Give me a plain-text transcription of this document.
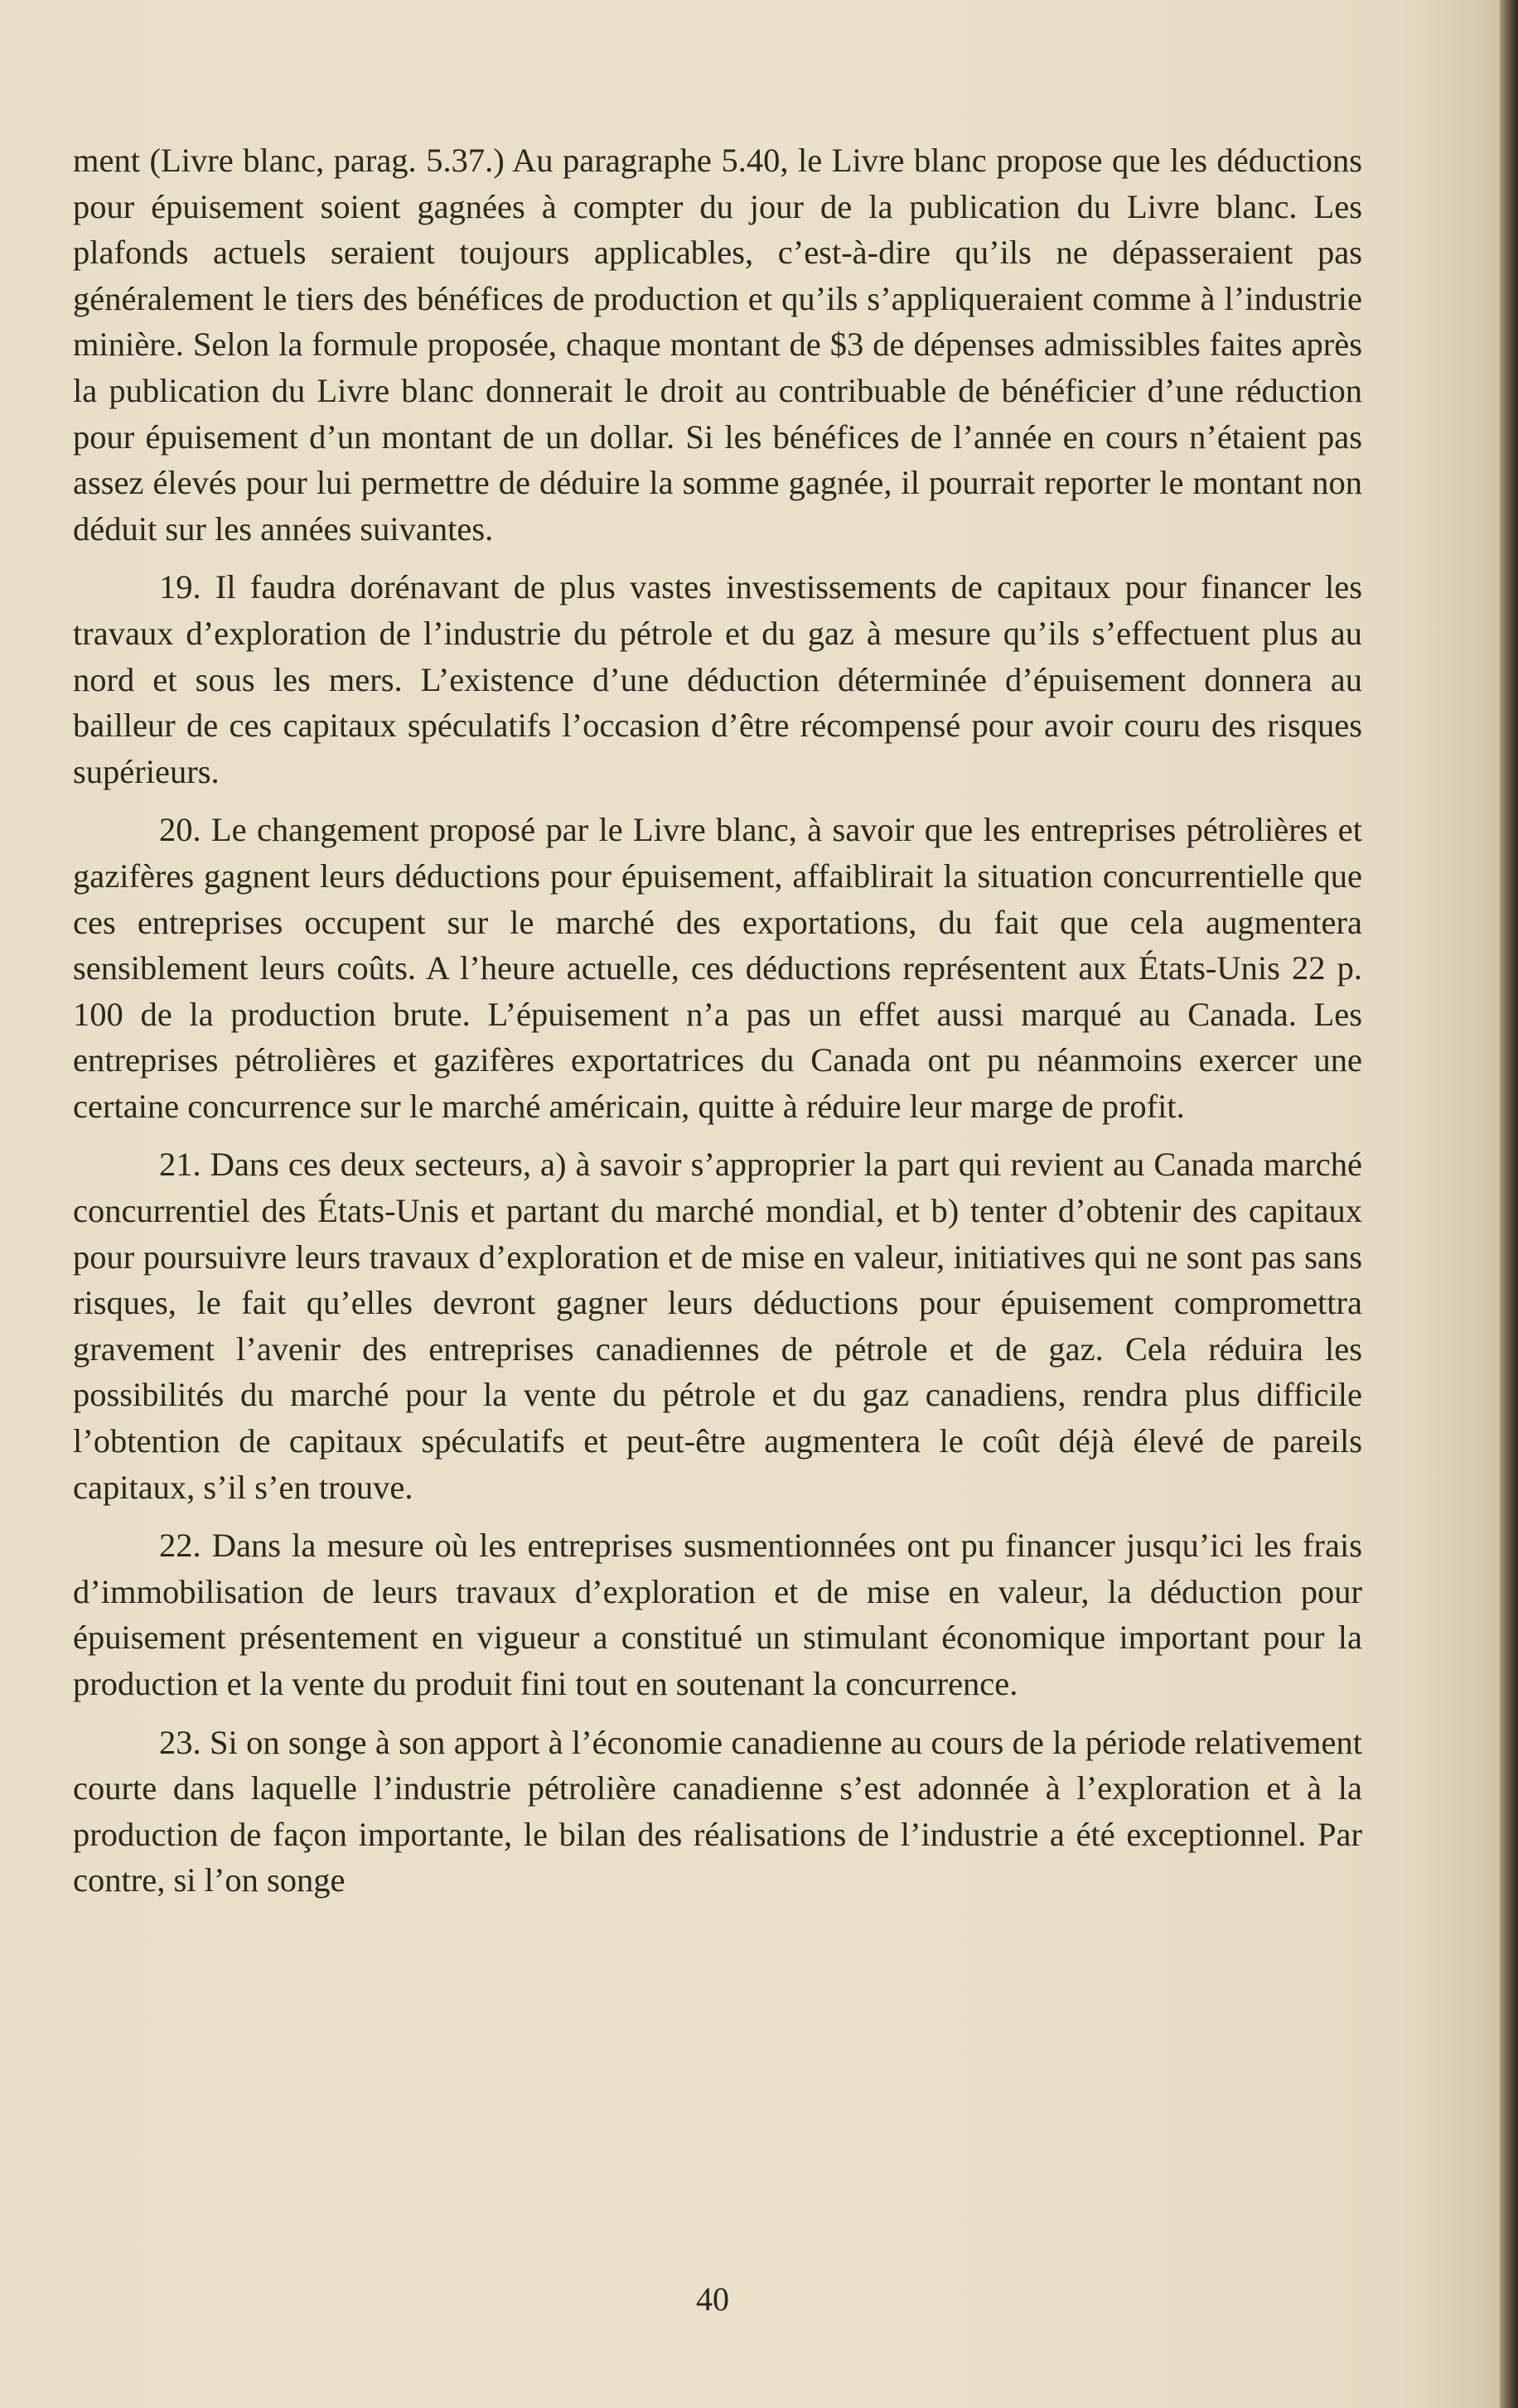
ment (Livre blanc, parag. 5.37.) Au paragraphe 5.40, le Livre blanc propose que les déductions pour épuisement soient gagnées à compter du jour de la publication du Livre blanc. Les plafonds actuels seraient toujours applicables, c’est-à-dire qu’ils ne dépasseraient pas généralement le tiers des bénéfices de production et qu’ils s’appliqueraient comme à l’industrie minière. Selon la formule proposée, chaque montant de $3 de dépenses admissibles faites après la publication du Livre blanc donnerait le droit au contribuable de bénéficier d’une réduction pour épuisement d’un montant de un dollar. Si les bénéfices de l’année en cours n’étaient pas assez élevés pour lui permettre de déduire la somme gagnée, il pourrait reporter le montant non déduit sur les années suivantes.

19. Il faudra dorénavant de plus vastes investissements de capitaux pour financer les travaux d’exploration de l’industrie du pétrole et du gaz à mesure qu’ils s’effectuent plus au nord et sous les mers. L’existence d’une déduction déterminée d’épuisement donnera au bailleur de ces capitaux spéculatifs l’occasion d’être récompensé pour avoir couru des risques supérieurs.

20. Le changement proposé par le Livre blanc, à savoir que les entreprises pétrolières et gazifères gagnent leurs déductions pour épuisement, affaiblirait la situation concurrentielle que ces entreprises occupent sur le marché des exportations, du fait que cela augmentera sensiblement leurs coûts. A l’heure actuelle, ces déductions représentent aux États-Unis 22 p. 100 de la production brute. L’épuisement n’a pas un effet aussi marqué au Canada. Les entreprises pétrolières et gazifères exportatrices du Canada ont pu néanmoins exercer une certaine concurrence sur le marché américain, quitte à réduire leur marge de profit.

21. Dans ces deux secteurs, a) à savoir s’approprier la part qui revient au Canada marché concurrentiel des États-Unis et partant du marché mondial, et b) tenter d’obtenir des capitaux pour poursuivre leurs travaux d’exploration et de mise en valeur, initiatives qui ne sont pas sans risques, le fait qu’elles devront gagner leurs déductions pour épuisement compromettra gravement l’avenir des entreprises canadiennes de pétrole et de gaz. Cela réduira les possibilités du marché pour la vente du pétrole et du gaz canadiens, rendra plus difficile l’obtention de capitaux spéculatifs et peut-être augmentera le coût déjà élevé de pareils capitaux, s’il s’en trouve.

22. Dans la mesure où les entreprises susmentionnées ont pu financer jusqu’ici les frais d’immobilisation de leurs travaux d’exploration et de mise en valeur, la déduction pour épuisement présentement en vigueur a constitué un stimulant économique important pour la production et la vente du produit fini tout en soutenant la concurrence.

23. Si on songe à son apport à l’économie canadienne au cours de la période relativement courte dans laquelle l’industrie pétrolière canadienne s’est adonnée à l’exploration et à la production de façon importante, le bilan des réalisations de l’industrie a été exceptionnel. Par contre, si l’on songe

40
